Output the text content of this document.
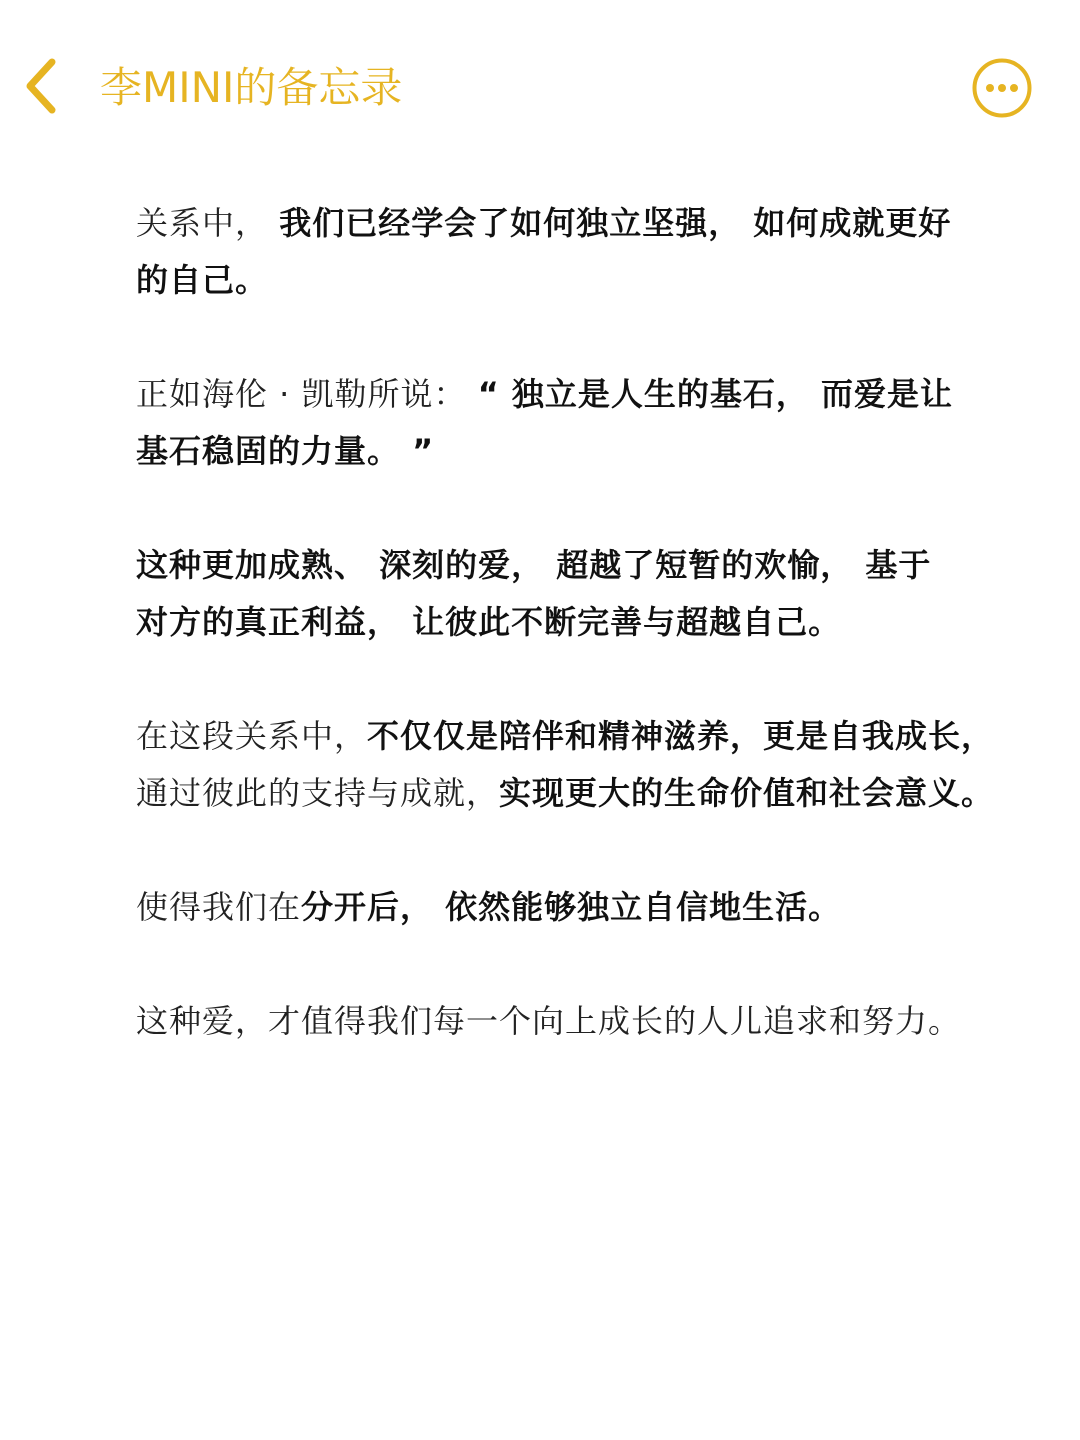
李MINI的备忘录

关系中， 我们已经学会了如何独立坚强， 如何成就更好
的自己。

正如海伦 · 凯勒所说： “ 独立是人生的基石， 而爱是让
基石稳固的力量。 ”

这种更加成熟、 深刻的爱， 超越了短暂的欢愉， 基于
对方的真正利益， 让彼此不断完善与超越自己。

在这段关系中，不仅仅是陪伴和精神滋养，更是自我成长，
通过彼此的支持与成就，实现更大的生命价值和社会意义。

使得我们在分开后， 依然能够独立自信地生活。

这种爱，才值得我们每一个向上成长的人儿追求和努力。
